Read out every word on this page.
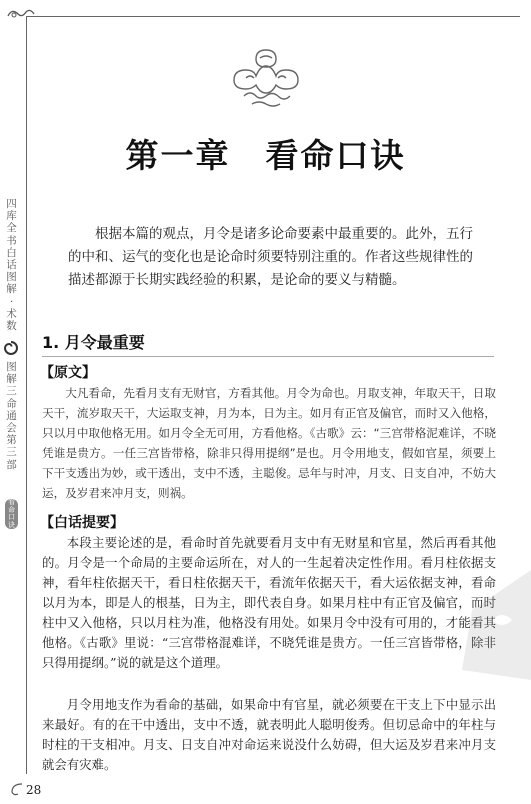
第一章　看命口诀

根据本篇的观点，月令是诸多论命要素中最重要的。此外，五行的中和、运气的变化也是论命时须要特别注重的。作者这些规律性的描述都源于长期实践经验的积累，是论命的要义与精髓。

四库全书白话图解·术数
图解三命通会第三部
看命口诀
1. 月令最重要
【原文】

大凡看命，先看月支有无财官，方看其他。月令为命也。月取支神，年取天干，日取天干，流岁取天干，大运取支神，月为本，日为主。如月有正官及偏官，而时又入他格，只以月中取他格无用。如月令全无可用，方看他格。《古歌》云：“三宫带格泥难详，不晓凭谁是贵方。一任三宫皆带格，除非只得用提纲”是也。月令用地支，假如官星，须要上下干支透出为妙，或干透出，支中不透，主聪俊。忌年与时冲，月支、日支自冲，不妨大运，及岁君来冲月支，则祸。

【白话提要】

本段主要论述的是，看命时首先就要看月支中有无财星和官星，然后再看其他的。月令是一个命局的主要命运所在，对人的一生起着决定性作用。看月柱依据支神，看年柱依据天干，看日柱依据天干，看流年依据天干，看大运依据支神，看命以月为本，即是人的根基，日为主，即代表自身。如果月柱中有正官及偏官，而时柱中又入他格，只以月柱为准，他格没有用处。如果月令中没有可用的，才能看其他格。《古歌》里说：“三宫带格混难详，不晓凭谁是贵方。一任三宫皆带格，除非只得用提纲。”说的就是这个道理。

月令用地支作为看命的基础，如果命中有官星，就必须要在干支上下中显示出来最好。有的在干中透出，支中不透，就表明此人聪明俊秀。但切忌命中的年柱与时柱的干支相冲。月支、日支自冲对命运来说没什么妨碍，但大运及岁君来冲月支就会有灾难。

28
